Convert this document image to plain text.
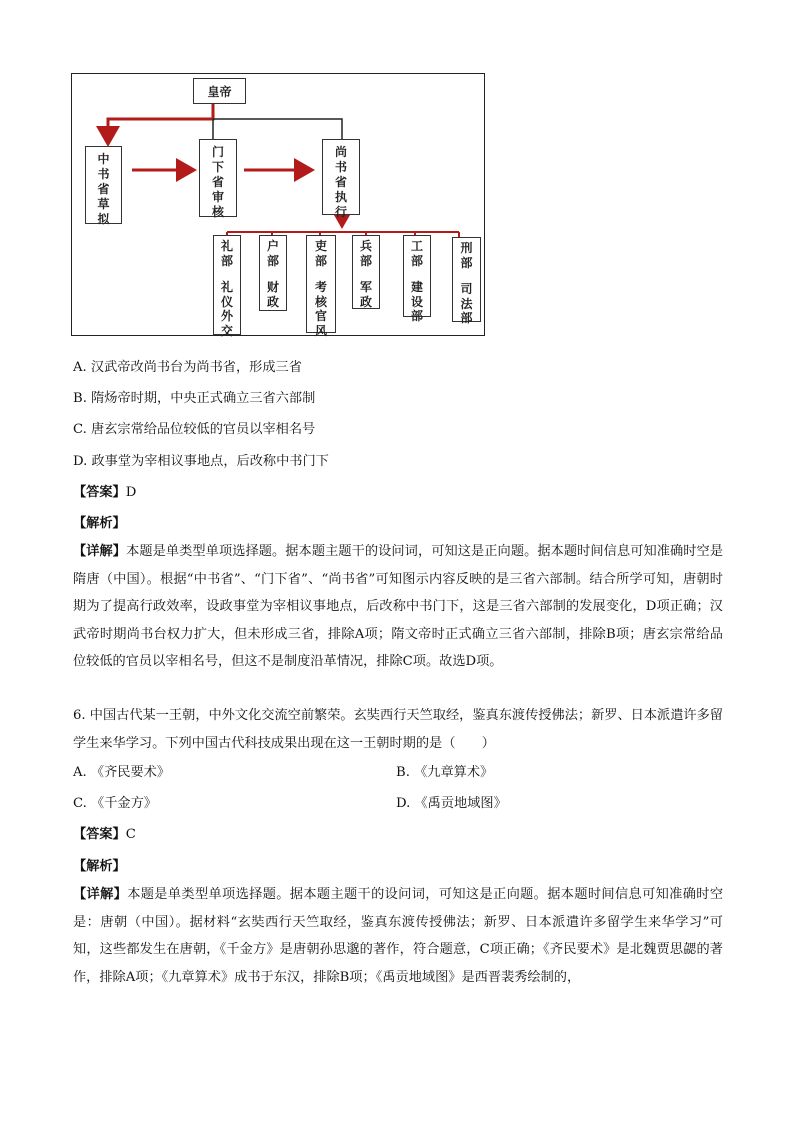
皇帝
中书省草拟
门下省审核
尚书省执行
礼部
礼仪外交
户部
财政
吏部
考核官风
兵部
军政
工部
建设部
刑部
司法部
A. 汉武帝改尚书台为尚书省，形成三省
B. 隋炀帝时期，中央正式确立三省六部制
C. 唐玄宗常给品位较低的官员以宰相名号
D. 政事堂为宰相议事地点，后改称中书门下
【答案】D
【解析】
【详解】本题是单类型单项选择题。据本题主题干的设问词，可知这是正向题。据本题时间信息可知准确时空是隋唐（中国）。根据“中书省”、“门下省”、“尚书省”可知图示内容反映的是三省六部制。结合所学可知，唐朝时期为了提高行政效率，设政事堂为宰相议事地点，后改称中书门下，这是三省六部制的发展变化，D项正确；汉武帝时期尚书台权力扩大，但未形成三省，排除A项；隋文帝时正式确立三省六部制，排除B项；唐玄宗常给品位较低的官员以宰相名号，但这不是制度沿革情况，排除C项。故选D项。
6. 中国古代某一王朝，中外文化交流空前繁荣。玄奘西行天竺取经，鉴真东渡传授佛法；新罗、日本派遣许多留学生来华学习。下列中国古代科技成果出现在这一王朝时期的是（　　）
A. 《齐民要术》	B. 《九章算术》
C. 《千金方》	D. 《禹贡地域图》
【答案】C
【解析】
【详解】本题是单类型单项选择题。据本题主题干的设问词，可知这是正向题。据本题时间信息可知准确时空是：唐朝（中国）。据材料“玄奘西行天竺取经，鉴真东渡传授佛法；新罗、日本派遣许多留学生来华学习”可知，这些都发生在唐朝，《千金方》是唐朝孙思邈的著作，符合题意，C项正确；《齐民要术》是北魏贾思勰的著作，排除A项；《九章算术》成书于东汉，排除B项；《禹贡地域图》是西晋裴秀绘制的，
